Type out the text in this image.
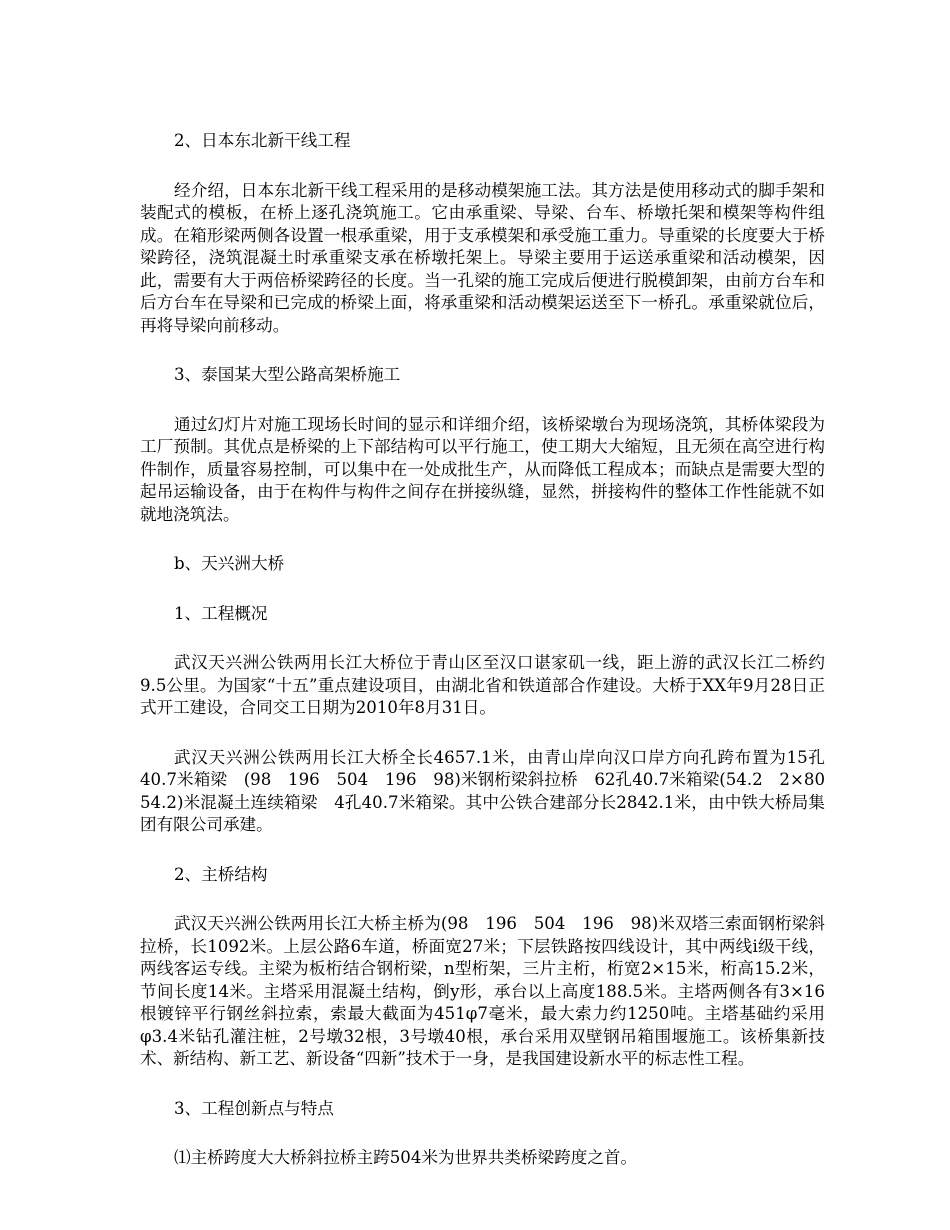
2、日本东北新干线工程

经介绍，日本东北新干线工程采用的是移动模架施工法。其方法是使用移动式的脚手架和装配式的模板，在桥上逐孔浇筑施工。它由承重梁、导梁、台车、桥墩托架和模架等构件组成。在箱形梁两侧各设置一根承重梁，用于支承模架和承受施工重力。导重梁的长度要大于桥梁跨径，浇筑混凝土时承重梁支承在桥墩托架上。导梁主要用于运送承重梁和活动模架，因此，需要有大于两倍桥梁跨径的长度。当一孔梁的施工完成后便进行脱模卸架，由前方台车和后方台车在导梁和已完成的桥梁上面，将承重梁和活动模架运送至下一桥孔。承重梁就位后，再将导梁向前移动。

3、泰国某大型公路高架桥施工

通过幻灯片对施工现场长时间的显示和详细介绍，该桥梁墩台为现场浇筑，其桥体梁段为工厂预制。其优点是桥梁的上下部结构可以平行施工，使工期大大缩短，且无须在高空进行构件制作，质量容易控制，可以集中在一处成批生产，从而降低工程成本；而缺点是需要大型的起吊运输设备，由于在构件与构件之间存在拼接纵缝，显然，拼接构件的整体工作性能就不如就地浇筑法。

b、天兴洲大桥

1、工程概况

武汉天兴洲公铁两用长江大桥位于青山区至汉口谌家矶一线，距上游的武汉长江二桥约9.5公里。为国家“十五”重点建设项目，由湖北省和铁道部合作建设。大桥于XX年9月28日正式开工建设，合同交工日期为2010年8月31日。

武汉天兴洲公铁两用长江大桥全长4657.1米，由青山岸向汉口岸方向孔跨布置为15孔40.7米箱梁　(98　196　504　196　98)米钢桁梁斜拉桥　62孔40.7米箱梁(54.2　2×80　54.2)米混凝土连续箱梁　4孔40.7米箱梁。其中公铁合建部分长2842.1米，由中铁大桥局集团有限公司承建。

2、主桥结构

武汉天兴洲公铁两用长江大桥主桥为(98　196　504　196　98)米双塔三索面钢桁梁斜拉桥，长1092米。上层公路6车道，桥面宽27米；下层铁路按四线设计，其中两线ⅰ级干线，两线客运专线。主梁为板桁结合钢桁梁，n型桁架，三片主桁，桁宽2×15米，桁高15.2米，节间长度14米。主塔采用混凝土结构，倒y形，承台以上高度188.5米。主塔两侧各有3×16根镀锌平行钢丝斜拉索，索最大截面为451φ7毫米，最大索力约1250吨。主塔基础约采用　φ3.4米钻孔灌注桩，2号墩32根，3号墩40根，承台采用双壁钢吊箱围堰施工。该桥集新技术、新结构、新工艺、新设备“四新”技术于一身，是我国建设新水平的标志性工程。

3、工程创新点与特点

⑴主桥跨度大大桥斜拉桥主跨504米为世界共类桥梁跨度之首。
